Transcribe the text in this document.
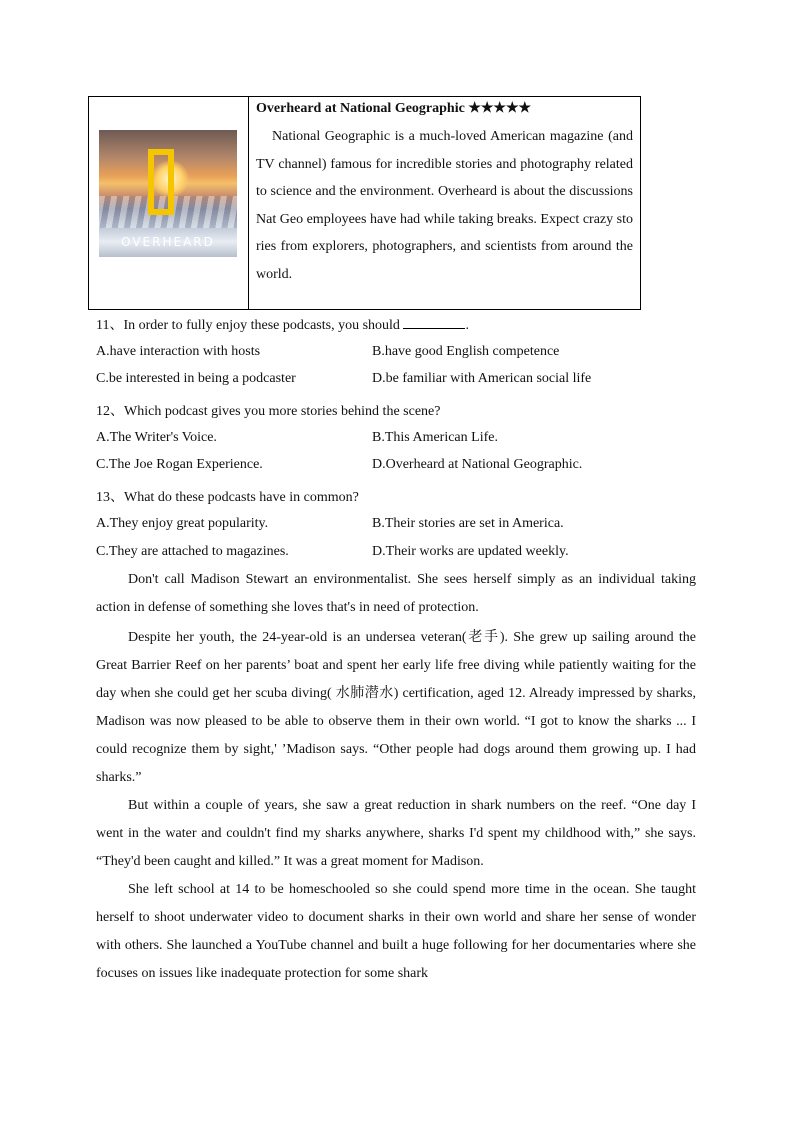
OVERHEARD

Overheard at National Geographic ★★★★★

National Geographic is a much-loved American magazine (and TV channel) famous for incredible stories and photography related to science and the environment. Overheard is about the discussions Nat Geo employees have had while taking breaks. Expect crazy stories from explorers, photographers, and scientists from around the world.

11、In order to fully enjoy these podcasts, you should	.
A.have interaction with hosts	B.have good English competence
C.be interested in being a podcaster	D.be familiar with American social life
12、Which podcast gives you more stories behind the scene?
A.The Writer's Voice.	B.This American Life.
C.The Joe Rogan Experience.	D.Overheard at National Geographic.
13、What do these podcasts have in common?
A.They enjoy great popularity.	B.Their stories are set in America.
C.They are attached to magazines.	D.Their works are updated weekly.

Don't call Madison Stewart an environmentalist. She sees herself simply as an individual taking action in defense of something she loves that's in need of protection.

Despite her youth, the 24-year-old is an undersea veteran(老手). She grew up sailing around the Great Barrier Reef on her parents’ boat and spent her early life free diving while patiently waiting for the day when she could get her scuba diving( 水肺潜水) certification, aged 12. Already impressed by sharks, Madison was now pleased to be able to observe them in their own world. “I got to know the sharks ... I could recognize them by sight,' ’Madison says. “Other people had dogs around them growing up. I had sharks.”

But within a couple of years, she saw a great reduction in shark numbers on the reef. “One day I went in the water and couldn't find my sharks anywhere, sharks I'd spent my childhood with,” she says. “They'd been caught and killed.” It was a great moment for Madison.

She left school at 14 to be homeschooled so she could spend more time in the ocean. She taught herself to shoot underwater video to document sharks in their own world and share her sense of wonder with others. She launched a YouTube channel and built a huge following for her documentaries where she focuses on issues like inadequate protection for some shark
